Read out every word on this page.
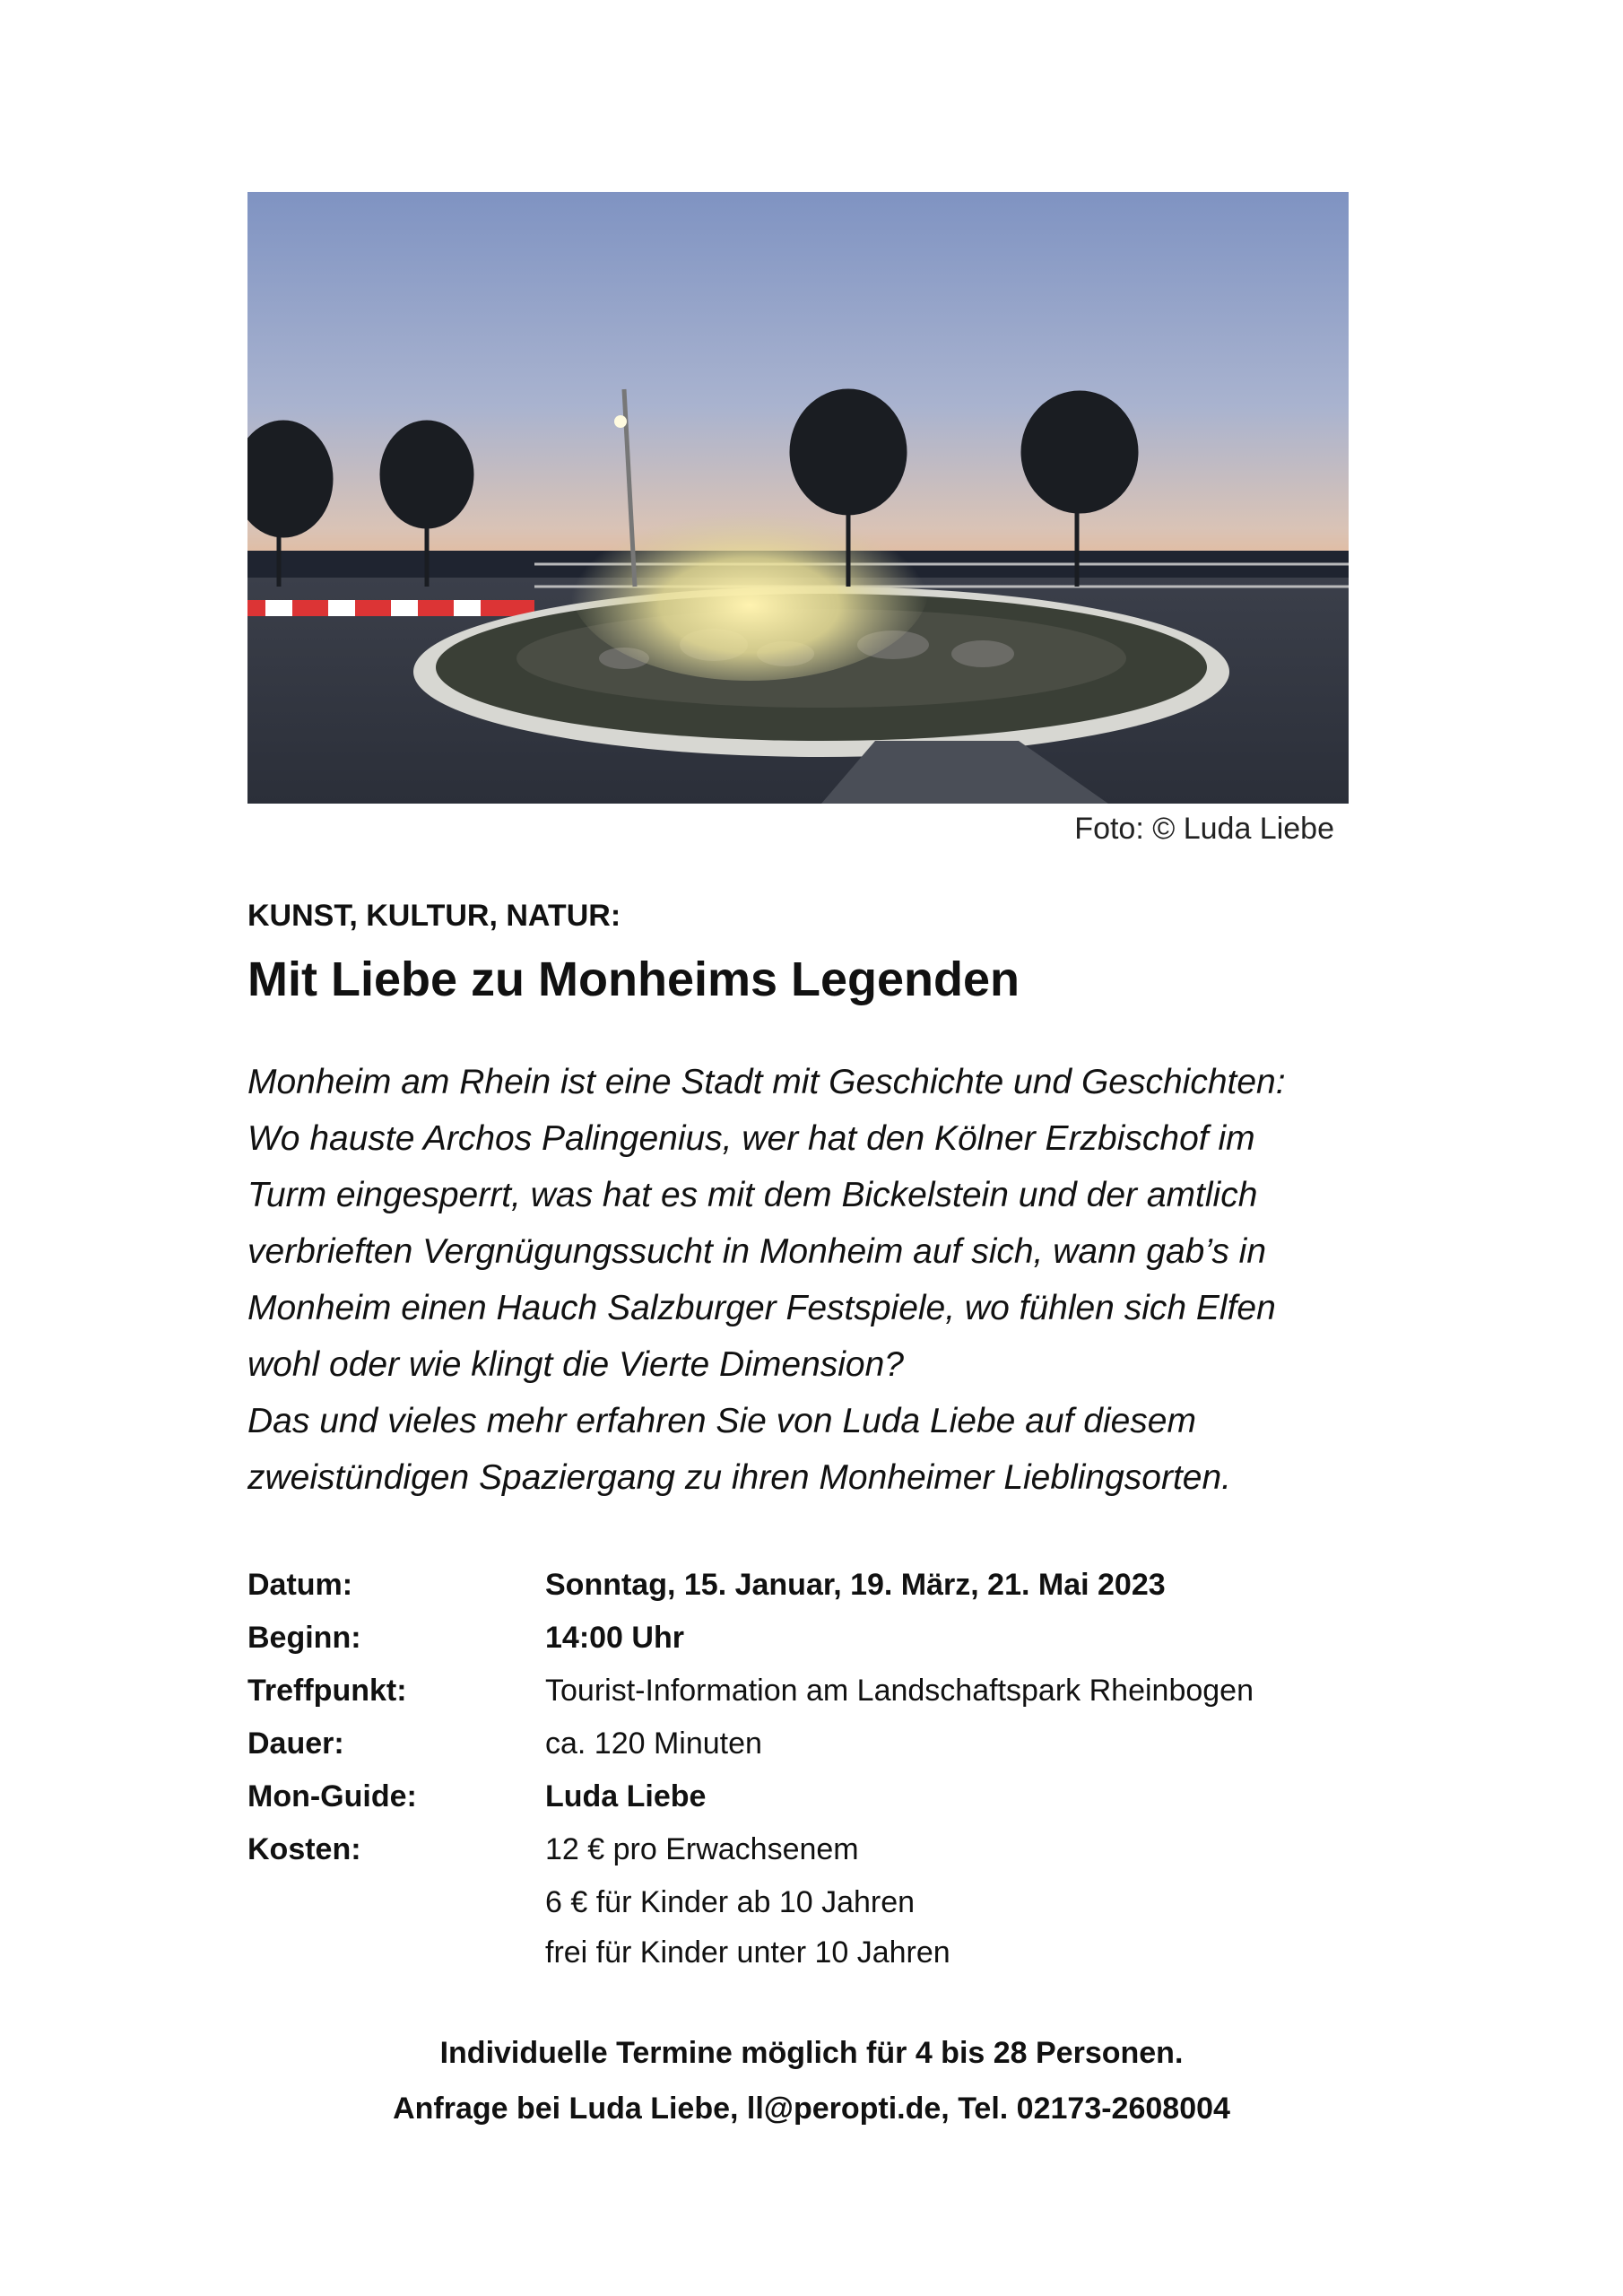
Foto: © Luda Liebe
KUNST, KULTUR, NATUR:
Mit Liebe zu Monheims Legenden

Monheim am Rhein ist eine Stadt mit Geschichte und Geschichten:

Wo hauste Archos Palingenius, wer hat den Kölner Erzbischof im

Turm eingesperrt, was hat es mit dem Bickelstein und der amtlich

verbrieften Vergnügungssucht in Monheim auf sich, wann gab’s in

Monheim einen Hauch Salzburger Festspiele, wo fühlen sich Elfen

wohl oder wie klingt die Vierte Dimension?

Das und vieles mehr erfahren Sie von Luda Liebe auf diesem

zweistündigen Spaziergang zu ihren Monheimer Lieblingsorten.

Datum:	Sonntag, 15. Januar, 19. März, 21. Mai 2023
Beginn:	14:00 Uhr
Treffpunkt:	Tourist-Information am Landschaftspark Rheinbogen
Dauer:	ca. 120 Minuten
Mon-Guide:	Luda Liebe
Kosten:	12 € pro Erwachsenem
6 € für Kinder ab 10 Jahren
frei für Kinder unter 10 Jahren
Individuelle Termine möglich für 4 bis 28 Personen.
Anfrage bei Luda Liebe, ll@peropti.de, Tel. 02173-2608004
